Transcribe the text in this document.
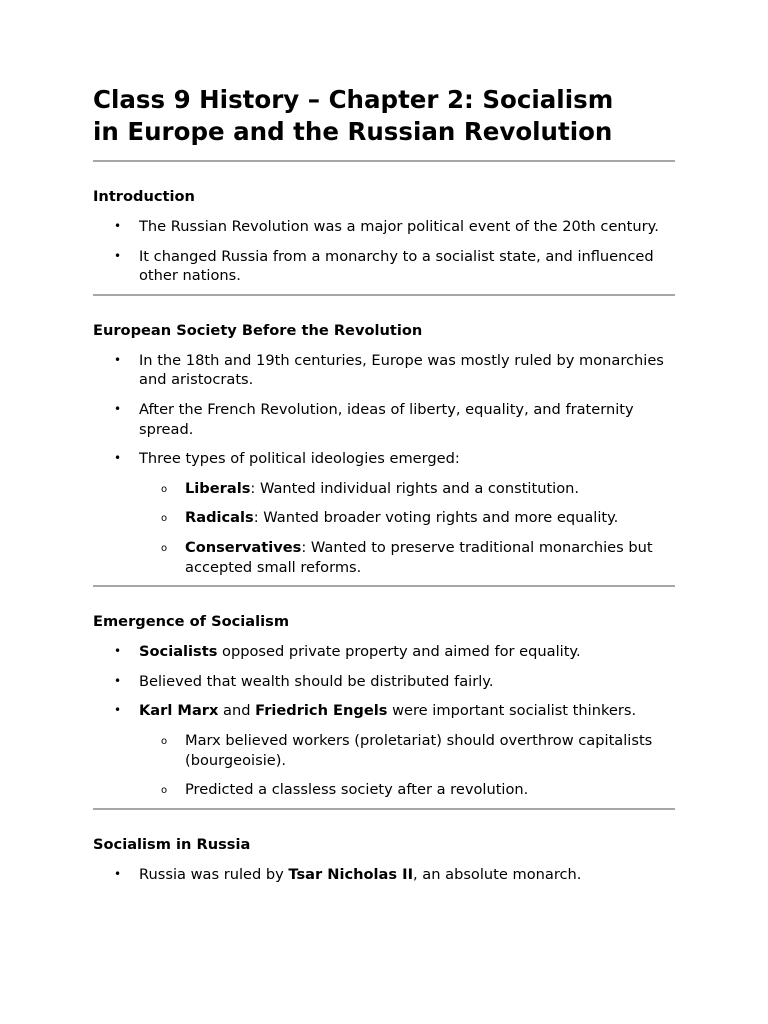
Class 9 History – Chapter 2: Socialism
in Europe and the Russian Revolution
Introduction
• The Russian Revolution was a major political event of the 20th century.
• It changed Russia from a monarchy to a socialist state, and influenced other nations.
European Society Before the Revolution
• In the 18th and 19th centuries, Europe was mostly ruled by monarchies and aristocrats.
• After the French Revolution, ideas of liberty, equality, and fraternity spread.
• Three types of political ideologies emerged:
o Liberals: Wanted individual rights and a constitution.
o Radicals: Wanted broader voting rights and more equality.
o Conservatives: Wanted to preserve traditional monarchies but accepted small reforms.
Emergence of Socialism
• Socialists opposed private property and aimed for equality.
• Believed that wealth should be distributed fairly.
• Karl Marx and Friedrich Engels were important socialist thinkers.
o Marx believed workers (proletariat) should overthrow capitalists (bourgeoisie).
o Predicted a classless society after a revolution.
Socialism in Russia
• Russia was ruled by Tsar Nicholas II, an absolute monarch.
